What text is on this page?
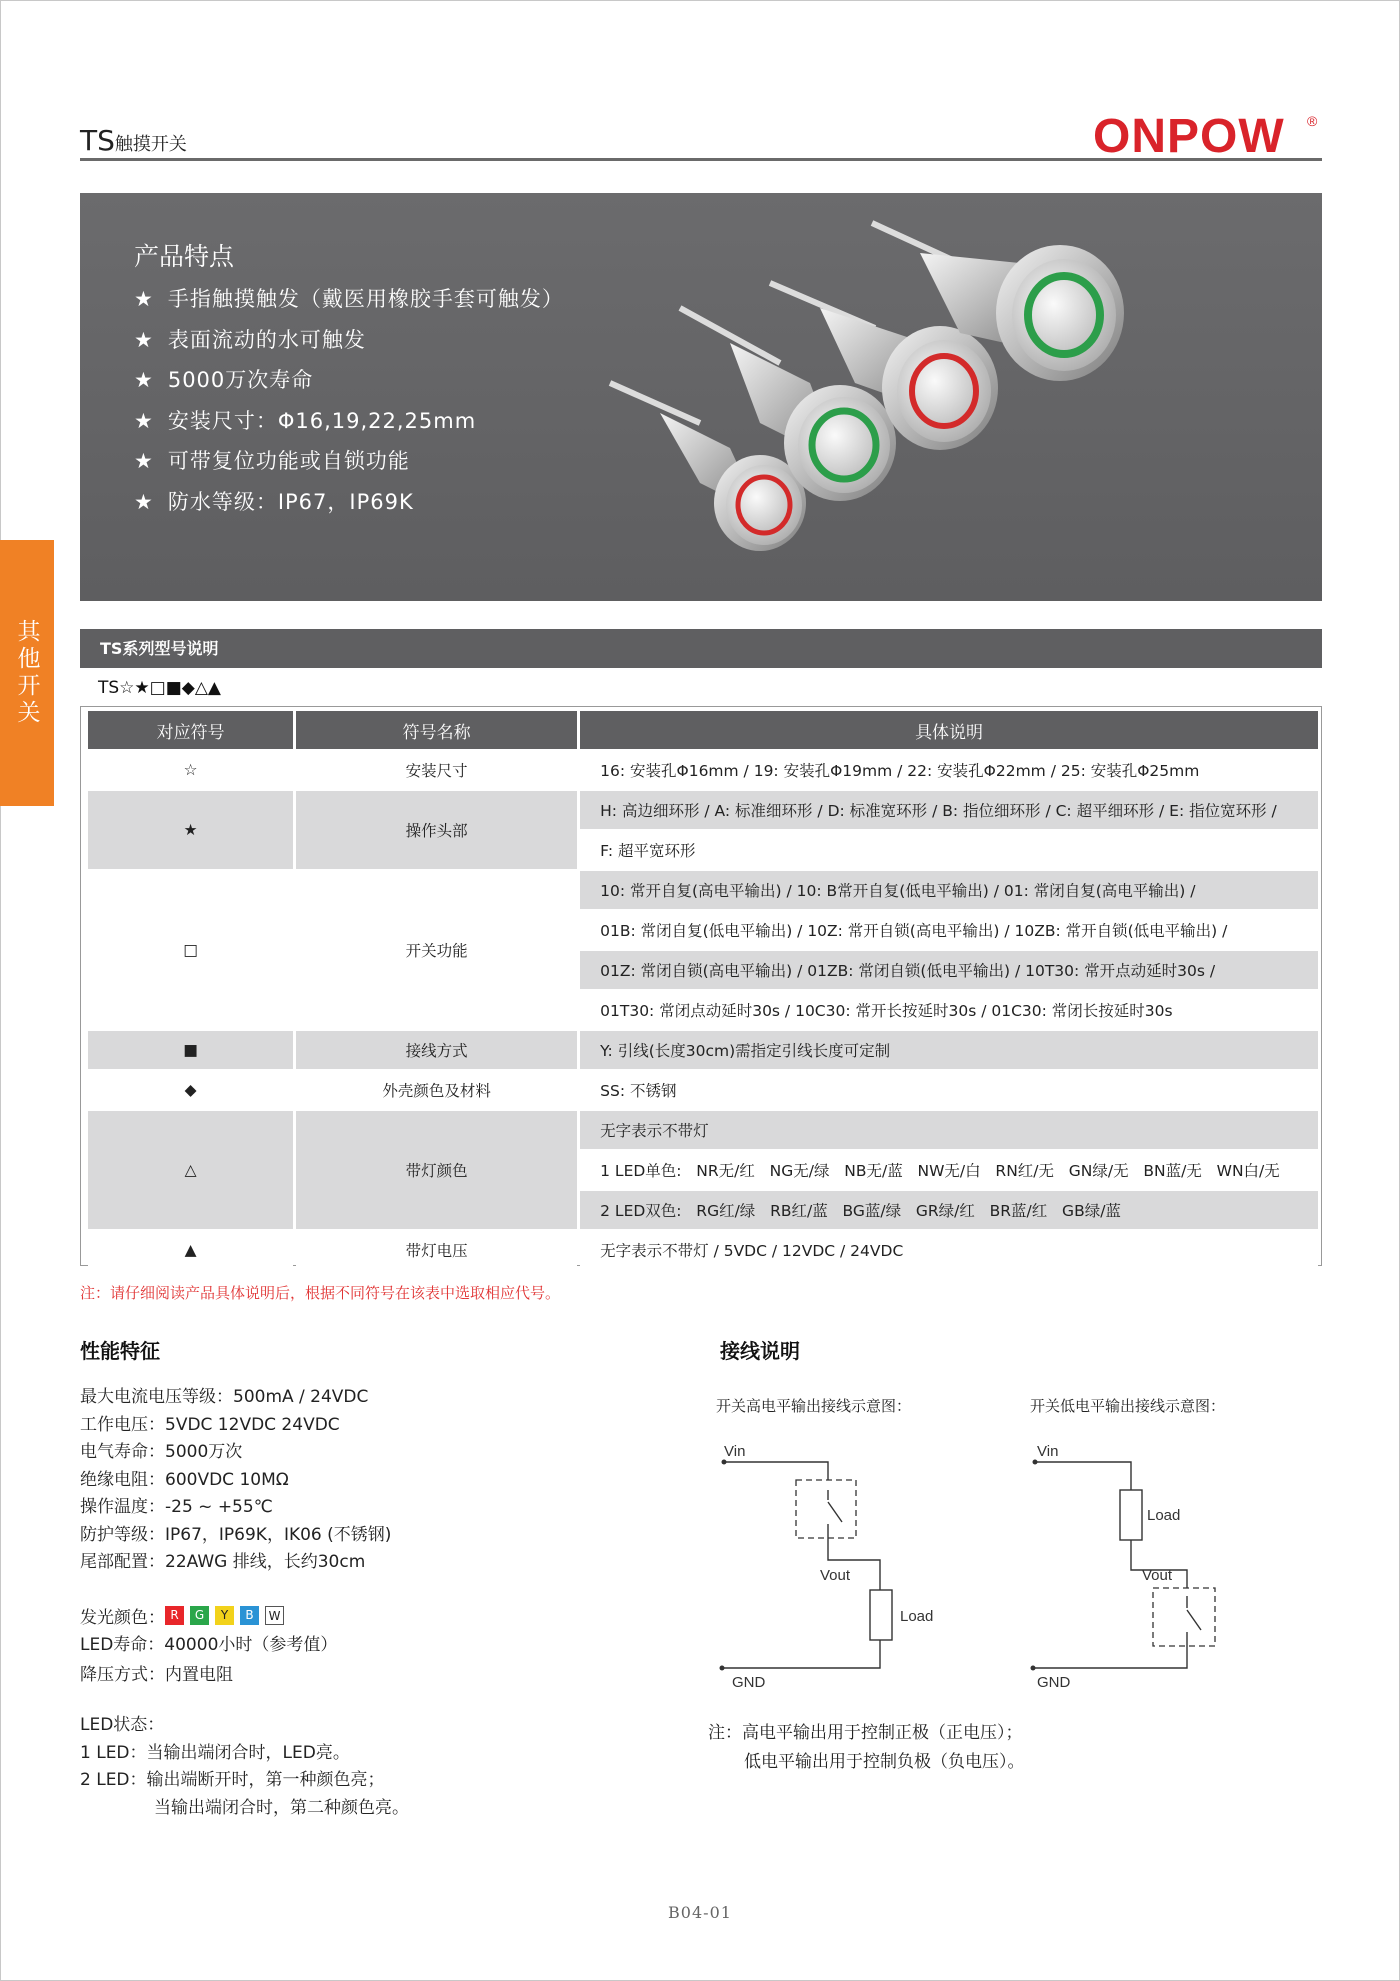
TS触摸开关	ONPOW ®
其他开关
产品特点
★ 手指触摸触发（戴医用橡胶手套可触发）
★ 表面流动的水可触发
★ 5000万次寿命
★ 安装尺寸：Φ16,19,22,25mm
★ 可带复位功能或自锁功能
★ 防水等级：IP67，IP69K
TS系列型号说明
TS☆★□■◆△▲
对应符号	符号名称	具体说明
☆	安装尺寸	16: 安装孔Φ16mm / 19: 安装孔Φ19mm / 22: 安装孔Φ22mm / 25: 安装孔Φ25mm
★	操作头部	H: 高边细环形 / A: 标准细环形 / D: 标准宽环形 / B: 指位细环形 / C: 超平细环形 / E: 指位宽环形 /
		F: 超平宽环形
□	开关功能	10: 常开自复(高电平输出) / 10: B常开自复(低电平输出) / 01: 常闭自复(高电平输出) /
		01B: 常闭自复(低电平输出) / 10Z: 常开自锁(高电平输出) / 10ZB: 常开自锁(低电平输出) /
		01Z: 常闭自锁(高电平输出) / 01ZB: 常闭自锁(低电平输出) / 10T30: 常开点动延时30s /
		01T30: 常闭点动延时30s / 10C30: 常开长按延时30s / 01C30: 常闭长按延时30s
■	接线方式	Y: 引线(长度30cm)需指定引线长度可定制
◆	外壳颜色及材料	SS: 不锈钢
△	带灯颜色	无字表示不带灯
		1 LED单色:   NR无/红   NG无/绿   NB无/蓝   NW无/白   RN红/无   GN绿/无   BN蓝/无   WN白/无
		2 LED双色:   RG红/绿   RB红/蓝   BG蓝/绿   GR绿/红   BR蓝/红   GB绿/蓝
▲	带灯电压	无字表示不带灯 / 5VDC / 12VDC / 24VDC
注：请仔细阅读产品具体说明后，根据不同符号在该表中选取相应代号。
性能特征
最大电流电压等级：500mA / 24VDC
工作电压：5VDC 12VDC 24VDC
电气寿命：5000万次
绝缘电阻：600VDC 10MΩ
操作温度：-25 ~ +55℃
防护等级：IP67，IP69K，IK06 (不锈钢)
尾部配置：22AWG 排线，长约30cm
发光颜色： R	G	Y	B	W
LED寿命：40000小时（参考值）
降压方式：内置电阻
LED状态：
1 LED：当输出端闭合时，LED亮。
2 LED：输出端断开时，第一种颜色亮；
当输出端闭合时，第二种颜色亮。
接线说明
开关高电平输出接线示意图：	开关低电平输出接线示意图：
Vin
Vout
Load
GND
Vin
Vout
Load
GND
注：高电平输出用于控制正极（正电压）；
低电平输出用于控制负极（负电压）。
B04-01
